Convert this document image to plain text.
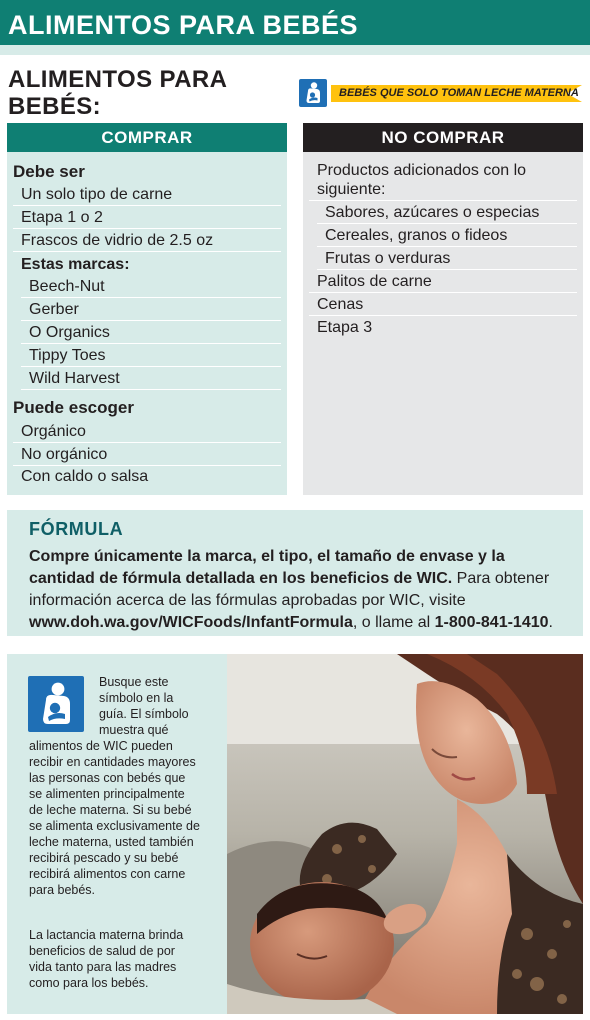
ALIMENTOS PARA BEBÉS
ALIMENTOS PARA BEBÉS:	BEBÉS QUE SOLO TOMAN LECHE MATERNA
COMPRAR
Debe ser
Un solo tipo de carne
Etapa 1 o 2
Frascos de vidrio de 2.5 oz
Estas marcas:
Beech-Nut
Gerber
O Organics
Tippy Toes
Wild Harvest
Puede escoger
Orgánico
No orgánico
Con caldo o salsa
NO COMPRAR
Productos adicionados con lo
siguiente:
Sabores, azúcares o especias
Cereales, granos o fideos
Frutas o verduras
Palitos de carne
Cenas
Etapa 3
FÓRMULA
Compre únicamente la marca, el tipo, el tamaño de envase y la cantidad de fórmula detallada en los beneficios de WIC. Para obtener información acerca de las fórmulas aprobadas por WIC, visite www.doh.wa.gov/WICFoods/InfantFormula, o llame al 1-800-841-1410.
Busque este símbolo en la guía. El símbolo muestra qué alimentos de WIC pueden recibir en cantidades mayores las personas con bebés que se alimenten principalmente de leche materna. Si su bebé se alimenta exclusivamente de leche materna, usted también recibirá pescado y su bebé recibirá alimentos con carne para bebés.
La lactancia materna brinda beneficios de salud de por vida tanto para las madres como para los bebés.
